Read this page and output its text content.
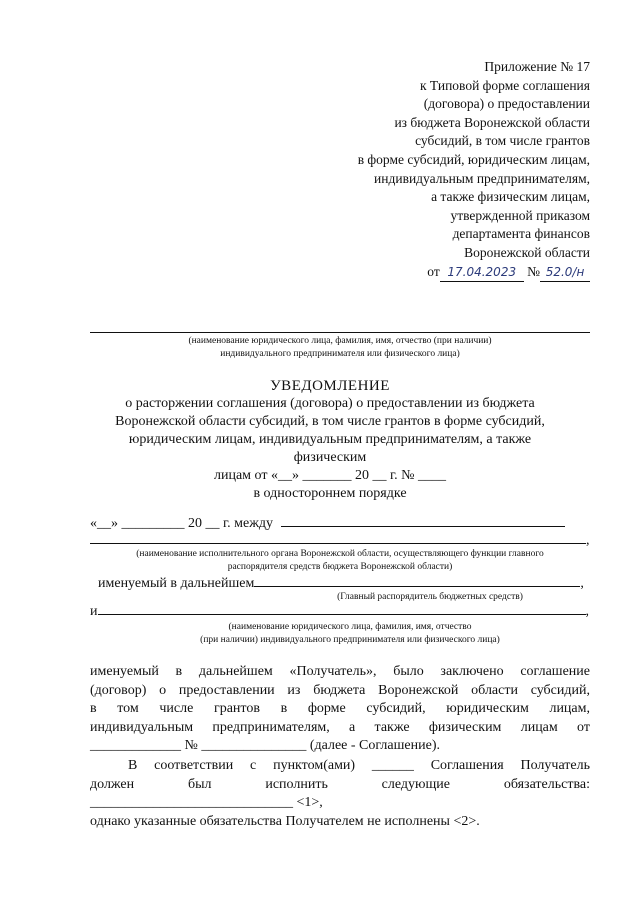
Приложение № 17
к Типовой форме соглашения
(договора) о предоставлении
из бюджета Воронежской области
субсидий, в том числе грантов
в форме субсидий, юридическим лицам,
индивидуальным предпринимателям,
а также физическим лицам,
утвержденной приказом
департамента финансов
Воронежской области
от 17.04.2023 № 52.0/н
(наименование юридического лица, фамилия, имя, отчество (при наличии)
индивидуального предпринимателя или физического лица)
УВЕДОМЛЕНИЕ
о расторжении соглашения (договора) о предоставлении из бюджета
Воронежской области субсидий, в том числе грантов в форме субсидий,
юридическим лицам, индивидуальным предпринимателям, а также
физическим
лицам от «__» _______ 20 __ г. № ____
в одностороннем порядке
«__» _________ 20 __ г. между
,
(наименование исполнительного органа Воронежской области, осуществляющего функции главного
распорядителя средств бюджета Воронежской области)
именуемый в дальнейшем	,
(Главный распорядитель бюджетных средств)
и	,
(наименование юридического лица, фамилия, имя, отчество
(при наличии) индивидуального предпринимателя или физического лица)
именуемый в дальнейшем «Получатель», было заключено соглашение
(договор) о предоставлении из бюджета Воронежской области субсидий,
в том числе грантов в форме субсидий, юридическим лицам,
индивидуальным предпринимателям, а также физическим лицам от
_____________ № _______________ (далее - Соглашение).
В соответствии с пунктом(ами) ______ Соглашения Получатель
должен был исполнить следующие обязательства:
_____________________________ <1>,
однако указанные обязательства Получателем не исполнены <2>.
